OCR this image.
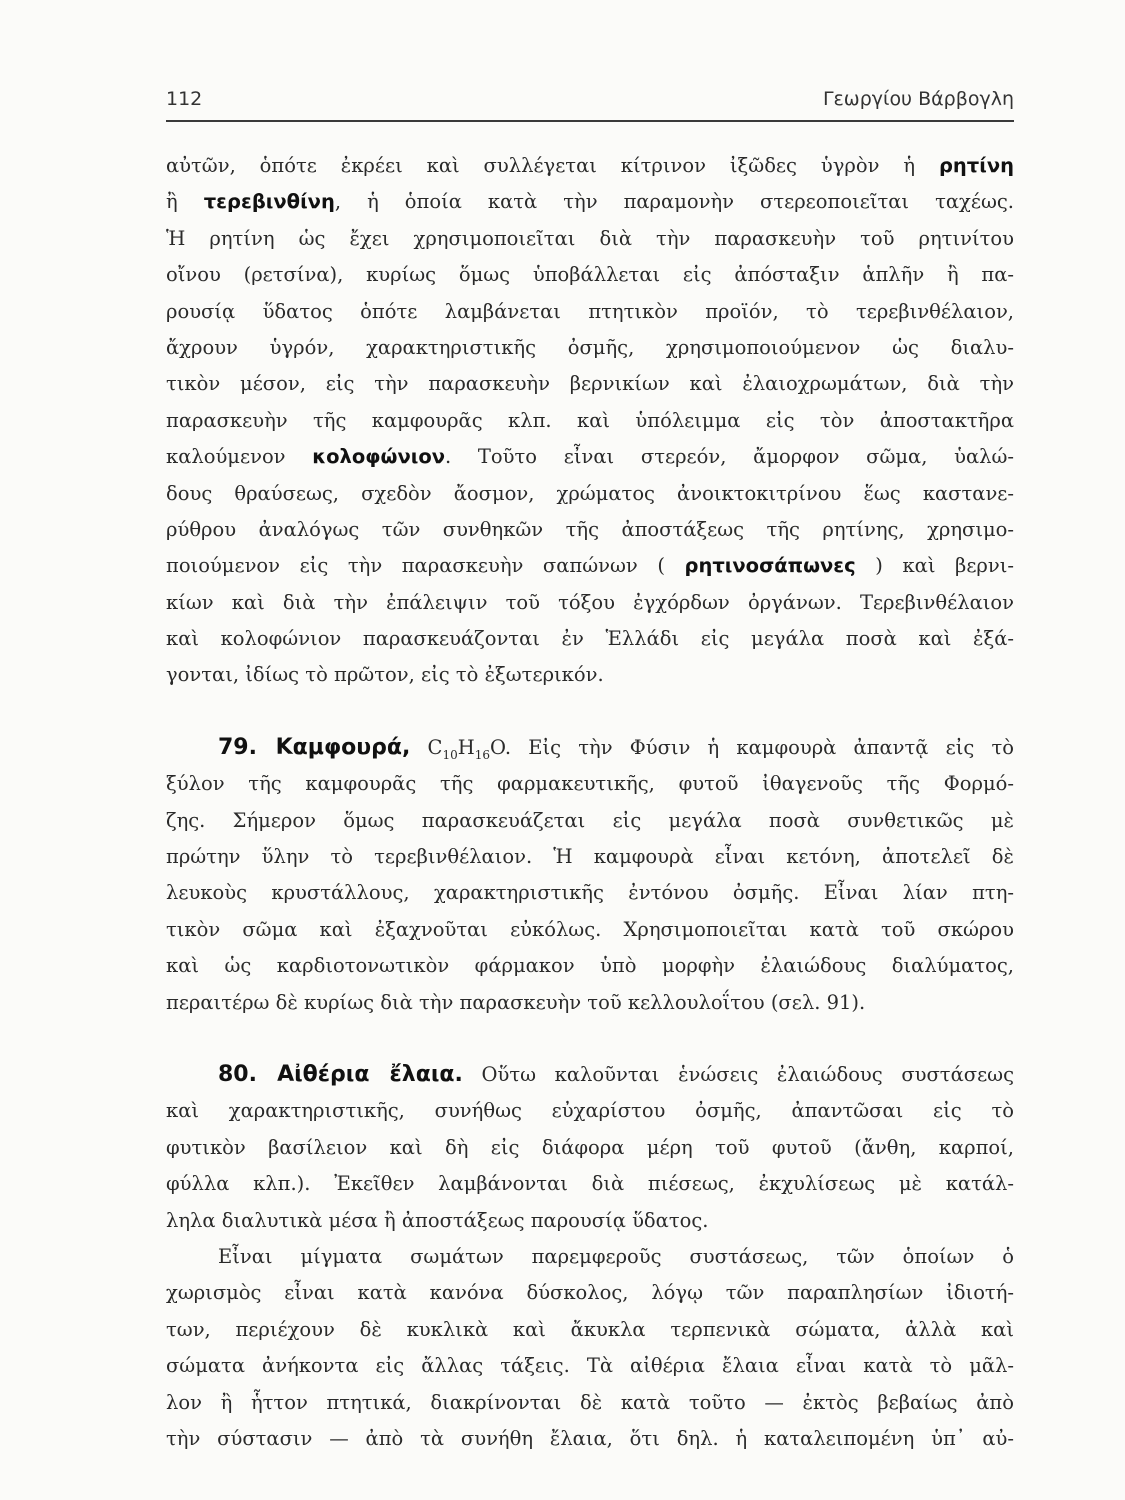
112	Γεωργίου Βάρβογλη
αὐτῶν, ὁπότε ἐκρέει καὶ συλλέγεται κίτρινον ἰξῶδες ὑγρὸν ἡ ρητίνη
ἢ τερεβινθίνη, ἡ ὁποία κατὰ τὴν παραμονὴν στερεοποιεῖται ταχέως.
Ἡ ρητίνη ὡς ἔχει χρησιμοποιεῖται διὰ τὴν παρασκευὴν τοῦ ρητινίτου
οἴνου (ρετσίνα), κυρίως ὅμως ὑποβάλλεται εἰς ἀπόσταξιν ἁπλῆν ἢ πα-
ρουσίᾳ ὕδατος ὁπότε λαμβάνεται πτητικὸν προϊόν, τὸ τερεβινθέλαιον,
ἄχρουν ὑγρόν, χαρακτηριστικῆς ὀσμῆς, χρησιμοποιούμενον ὡς διαλυ-
τικὸν μέσον, εἰς τὴν παρασκευὴν βερνικίων καὶ ἐλαιοχρωμάτων, διὰ τὴν
παρασκευὴν τῆς καμφουρᾶς κλπ. καὶ ὑπόλειμμα εἰς τὸν ἀποστακτῆρα
καλούμενον κολοφώνιον. Τοῦτο εἶναι στερεόν, ἄμορφον σῶμα, ὑαλώ-
δους θραύσεως, σχεδὸν ἄοσμον, χρώματος ἀνοικτοκιτρίνου ἕως καστανε-
ρύθρου ἀναλόγως τῶν συνθηκῶν τῆς ἀποστάξεως τῆς ρητίνης, χρησιμο-
ποιούμενον εἰς τὴν παρασκευὴν σαπώνων ( ρητινοσάπωνες ) καὶ βερνι-
κίων καὶ διὰ τὴν ἐπάλειψιν τοῦ τόξου ἐγχόρδων ὀργάνων. Τερεβινθέλαιον
καὶ κολοφώνιον παρασκευάζονται ἐν Ἑλλάδι εἰς μεγάλα ποσὰ καὶ ἐξά-
γονται, ἰδίως τὸ πρῶτον, εἰς τὸ ἐξωτερικόν.
79. Καμφουρά, $C_{10}H_{16}O$. Εἰς τὴν Φύσιν ἡ καμφουρὰ ἀπαντᾷ εἰς τὸ
ξύλον τῆς καμφουρᾶς τῆς φαρμακευτικῆς, φυτοῦ ἰθαγενοῦς τῆς Φορμό-
ζης. Σήμερον ὅμως παρασκευάζεται εἰς μεγάλα ποσὰ συνθετικῶς μὲ
πρώτην ὕλην τὸ τερεβινθέλαιον. Ἡ καμφουρὰ εἶναι κετόνη, ἀποτελεῖ δὲ
λευκοὺς κρυστάλλους, χαρακτηριστικῆς ἐντόνου ὀσμῆς. Εἶναι λίαν πτη-
τικὸν σῶμα καὶ ἐξαχνοῦται εὐκόλως. Χρησιμοποιεῖται κατὰ τοῦ σκώρου
καὶ ὡς καρδιοτονωτικὸν φάρμακον ὑπὸ μορφὴν ἐλαιώδους διαλύματος,
περαιτέρω δὲ κυρίως διὰ τὴν παρασκευὴν τοῦ κελλουλοΐτου (σελ. 91).
80. Αἰθέρια ἔλαια. Οὕτω καλοῦνται ἑνώσεις ἐλαιώδους συστάσεως
καὶ χαρακτηριστικῆς, συνήθως εὐχαρίστου ὀσμῆς, ἀπαντῶσαι εἰς τὸ
φυτικὸν βασίλειον καὶ δὴ εἰς διάφορα μέρη τοῦ φυτοῦ (ἄνθη, καρποί,
φύλλα κλπ.). Ἐκεῖθεν λαμβάνονται διὰ πιέσεως, ἐκχυλίσεως μὲ κατάλ-
ληλα διαλυτικὰ μέσα ἢ ἀποστάξεως παρουσίᾳ ὕδατος.
Εἶναι μίγματα σωμάτων παρεμφεροῦς συστάσεως, τῶν ὁποίων ὁ
χωρισμὸς εἶναι κατὰ κανόνα δύσκολος, λόγῳ τῶν παραπλησίων ἰδιοτή-
των, περιέχουν δὲ κυκλικὰ καὶ ἄκυκλα τερπενικὰ σώματα, ἀλλὰ καὶ
σώματα ἀνήκοντα εἰς ἄλλας τάξεις. Τὰ αἰθέρια ἔλαια εἶναι κατὰ τὸ μᾶλ-
λον ἢ ἧττον πτητικά, διακρίνονται δὲ κατὰ τοῦτο — ἐκτὸς βεβαίως ἀπὸ
τὴν σύστασιν — ἀπὸ τὰ συνήθη ἔλαια, ὅτι δηλ. ἡ καταλειπομένη ὑπ᾿ αὐ-
